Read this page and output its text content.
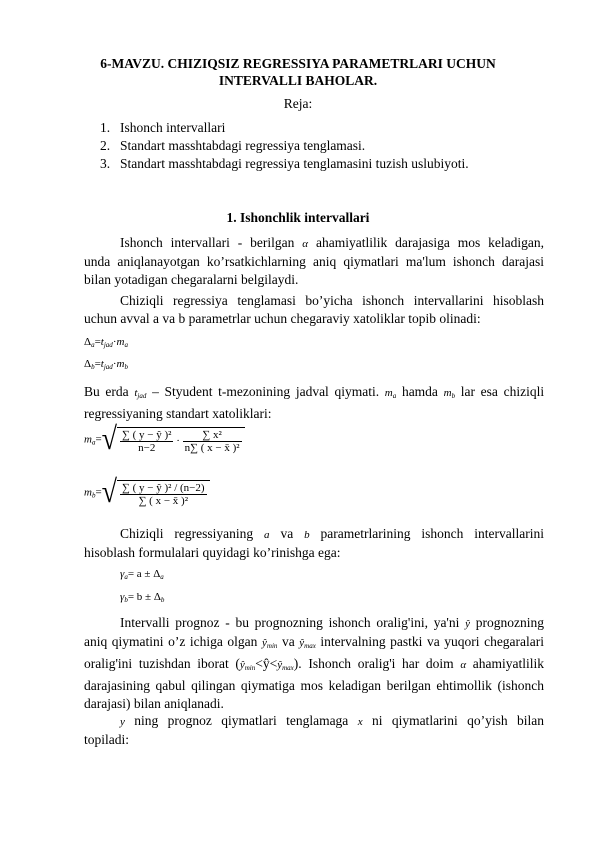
6-MAVZU. CHIZIQSIZ REGRESSIYA PARAMETRLARI UCHUN
INTERVALLI BAHOLAR.
Reja:
1. Ishonch intervallari
2. Standart masshtabdagi regressiya tenglamasi.
3. Standart masshtabdagi regressiya tenglamasini tuzish uslubiyoti.
1. Ishonchlik intervallari
Ishonch intervallari - berilgan α ahamiyatlilik darajasiga mos keladigan,
unda aniqlanayotgan ko’rsatkichlarning aniq qiymatlari ma'lum ishonch darajasi
bilan yotadigan chegaralarni belgilaydi.
Chiziqli regressiya tenglamasi bo’yicha ishonch intervallarini hisoblash
uchun avval a va b parametrlar uchun chegaraviy xatoliklar topib olinadi:
$\Delta_a=t_{jad}\cdot m_a$
$\Delta_b=t_{jad}\cdot m_b$
Bu erda $t_{jad}$ – Styudent t-mezonining jadval qiymati. $m_a$ hamda $m_b$ lar esa chiziqli
regressiyaning standart xatoliklari:
$m_a=√ \frac{\text{∑ ( y − ŷ )²}}{n-2} \cdot \frac{\text{∑ x²}}{\text{n∑ ( x − x̄ )²}}$
$m_b=√ \frac{\text{∑ ( y − ŷ )² / (n−2)}}{\text{∑ ( x − x̄ )²}}$
Chiziqli regressiyaning a va b parametrlarining ishonch intervallarini
hisoblash formulalari quyidagi ko’rinishga ega:
$\gamma_a= a \pm \Delta_a$
$\gamma_b= b \pm \Delta_b$
Intervalli prognoz - bu prognozning ishonch oralig'ini, ya'ni ŷ prognozning
aniq qiymatini o’z ichiga olgan $ŷ_{min}$ va $ŷ_{max}$ intervalning pastki va yuqori chegaralari
oralig'ini tuzishdan iborat $(ŷ_{min}<ŷ<ŷ_{max})$. Ishonch oralig'i har doim α ahamiyatlilik
darajasining qabul qilingan qiymatiga mos keladigan berilgan ehtimollik (ishonch
darajasi) bilan aniqlanadi.
y ning prognoz qiymatlari tenglamaga x ni qiymatlarini qo’yish bilan
topiladi:
